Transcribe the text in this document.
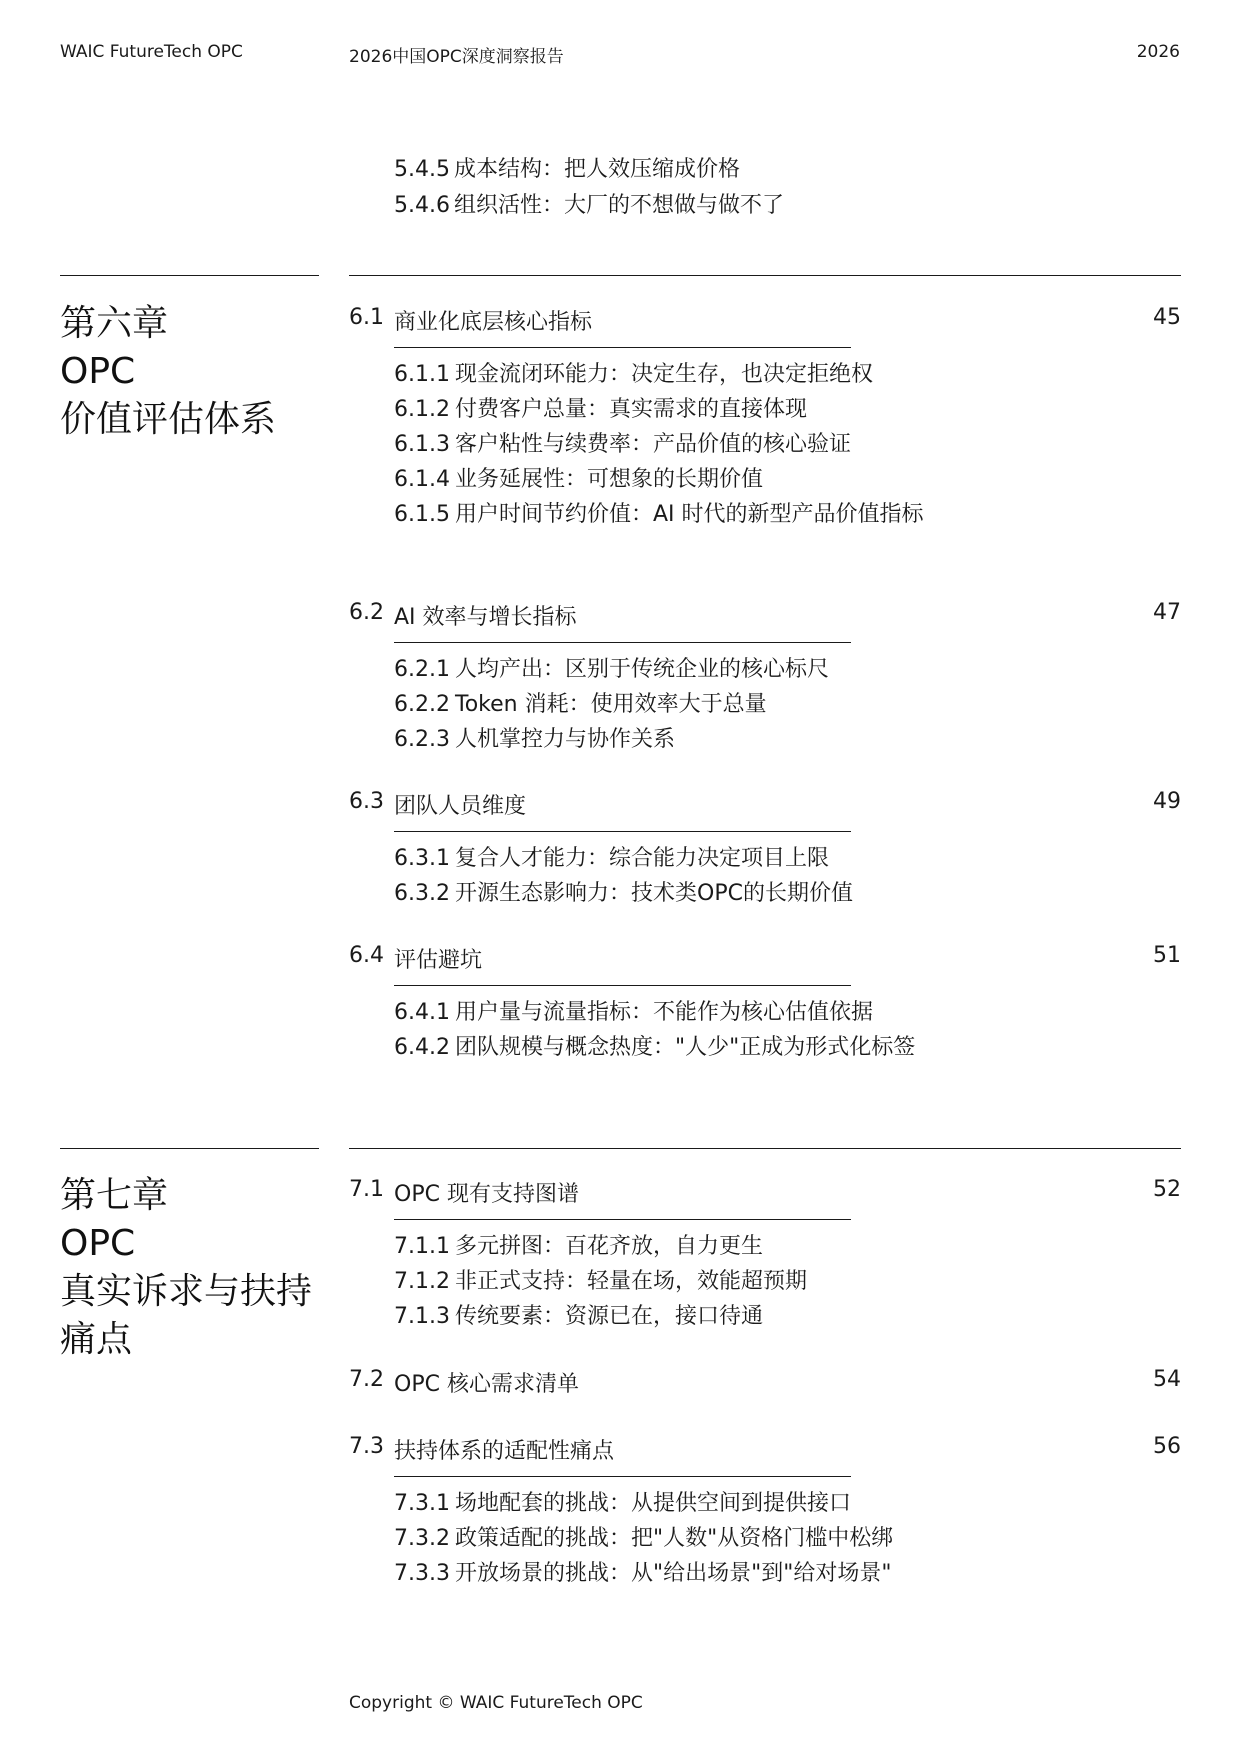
WAIC FutureTech OPC	2026中国OPC深度洞察报告	2026
5.4.5 成本结构：把人效压缩成价格
5.4.6 组织活性：大厂的不想做与做不了
第六章
OPC
价值评估体系
6.1 商业化底层核心指标	45
6.1.1 现金流闭环能力：决定生存，也决定拒绝权
6.1.2 付费客户总量：真实需求的直接体现
6.1.3 客户粘性与续费率：产品价值的核心验证
6.1.4 业务延展性：可想象的长期价值
6.1.5 用户时间节约价值：AI 时代的新型产品价值指标
6.2 AI 效率与增长指标	47
6.2.1 人均产出：区别于传统企业的核心标尺
6.2.2 Token 消耗：使用效率大于总量
6.2.3 人机掌控力与协作关系
6.3 团队人员维度	49
6.3.1 复合人才能力：综合能力决定项目上限
6.3.2 开源生态影响力：技术类OPC的长期价值
6.4 评估避坑	51
6.4.1 用户量与流量指标：不能作为核心估值依据
6.4.2 团队规模与概念热度："人少"正成为形式化标签
第七章
OPC
真实诉求与扶持
痛点
7.1 OPC 现有支持图谱	52
7.1.1 多元拼图：百花齐放，自力更生
7.1.2 非正式支持：轻量在场，效能超预期
7.1.3 传统要素：资源已在，接口待通
7.2 OPC 核心需求清单	54
7.3 扶持体系的适配性痛点	56
7.3.1 场地配套的挑战：从提供空间到提供接口
7.3.2 政策适配的挑战：把"人数"从资格门槛中松绑
7.3.3 开放场景的挑战：从"给出场景"到"给对场景"
Copyright © WAIC FutureTech OPC
